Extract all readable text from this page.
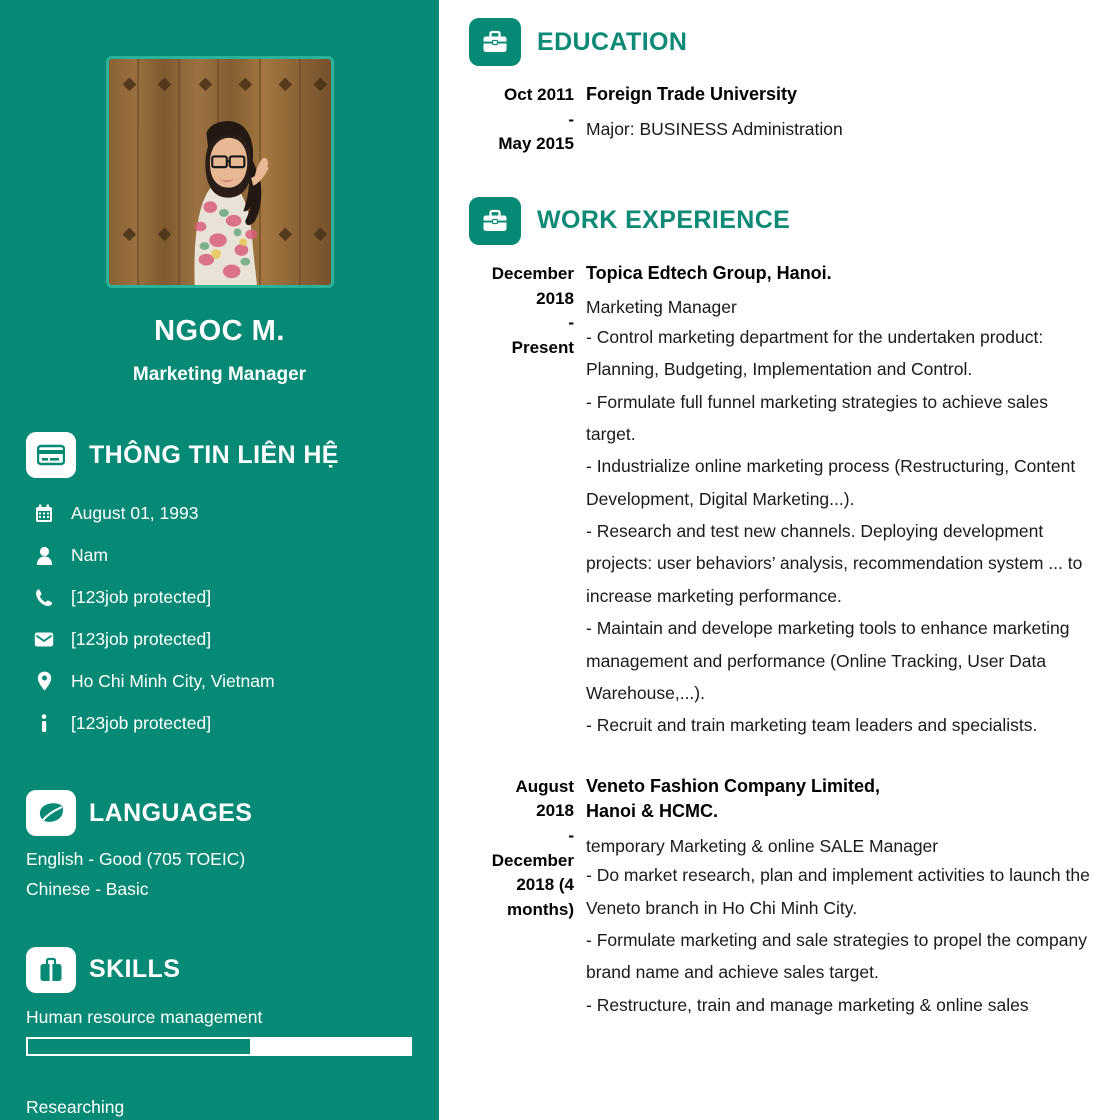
NGOC M.
Marketing Manager
THÔNG TIN LIÊN HỆ
August 01, 1993
Nam
[123job protected]
[123job protected]
Ho Chi Minh City, Vietnam
[123job protected]
LANGUAGES
English - Good (705 TOEIC)
Chinese - Basic
SKILLS
Human resource management
Researching
EDUCATION
Oct 2011
-
May 2015
Foreign Trade University
Major: BUSINESS Administration
WORK EXPERIENCE
December
2018
-
Present
Topica Edtech Group, Hanoi.
Marketing Manager
- Control marketing department for the undertaken product: Planning, Budgeting, Implementation and Control.
- Formulate full funnel marketing strategies to achieve sales target.
- Industrialize online marketing process (Restructuring, Content Development, Digital Marketing...).
- Research and test new channels. Deploying development projects: user behaviors’ analysis, recommendation system ... to increase marketing performance.
- Maintain and develope marketing tools to enhance marketing management and performance (Online Tracking, User Data Warehouse,...).
- Recruit and train marketing team leaders and specialists.
August
2018
-
December
2018 (4
months)
Veneto Fashion Company Limited,
Hanoi & HCMC.
temporary Marketing & online SALE Manager
- Do market research, plan and implement activities to launch the Veneto branch in Ho Chi Minh City.
- Formulate marketing and sale strategies to propel the company brand name and achieve sales target.
- Restructure, train and manage marketing & online sales
